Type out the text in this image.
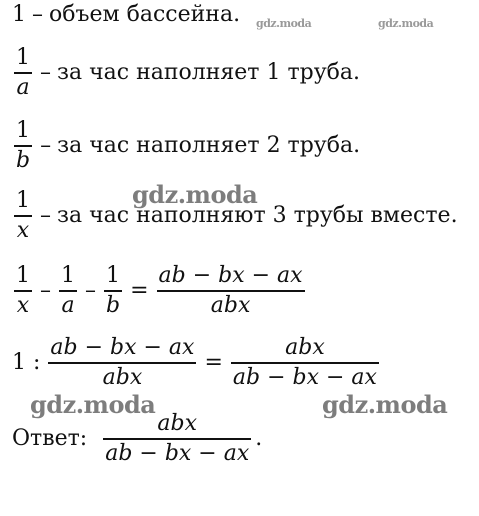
1 – объем бассейна.
$\frac{1}{a}$ – за час наполняет 1 труба.
$\frac{1}{b}$ – за час наполняет 2 труба.
$\frac{1}{x}$ – за час наполняют 3 трубы вместе.
$\frac{1}{x} - \frac{1}{a} - \frac{1}{b} = \frac{ab - bx - ax}{\text{abx}}$
1 : $\frac{ab - bx - ax}{\text{abx}} = \frac{\text{abx}}{ab - bx - ax}$
Ответ: $\frac{\text{abx}}{ab - bx - ax}$ .
gdz.moda	gdz.moda
gdz.moda
gdz.moda	gdz.moda
